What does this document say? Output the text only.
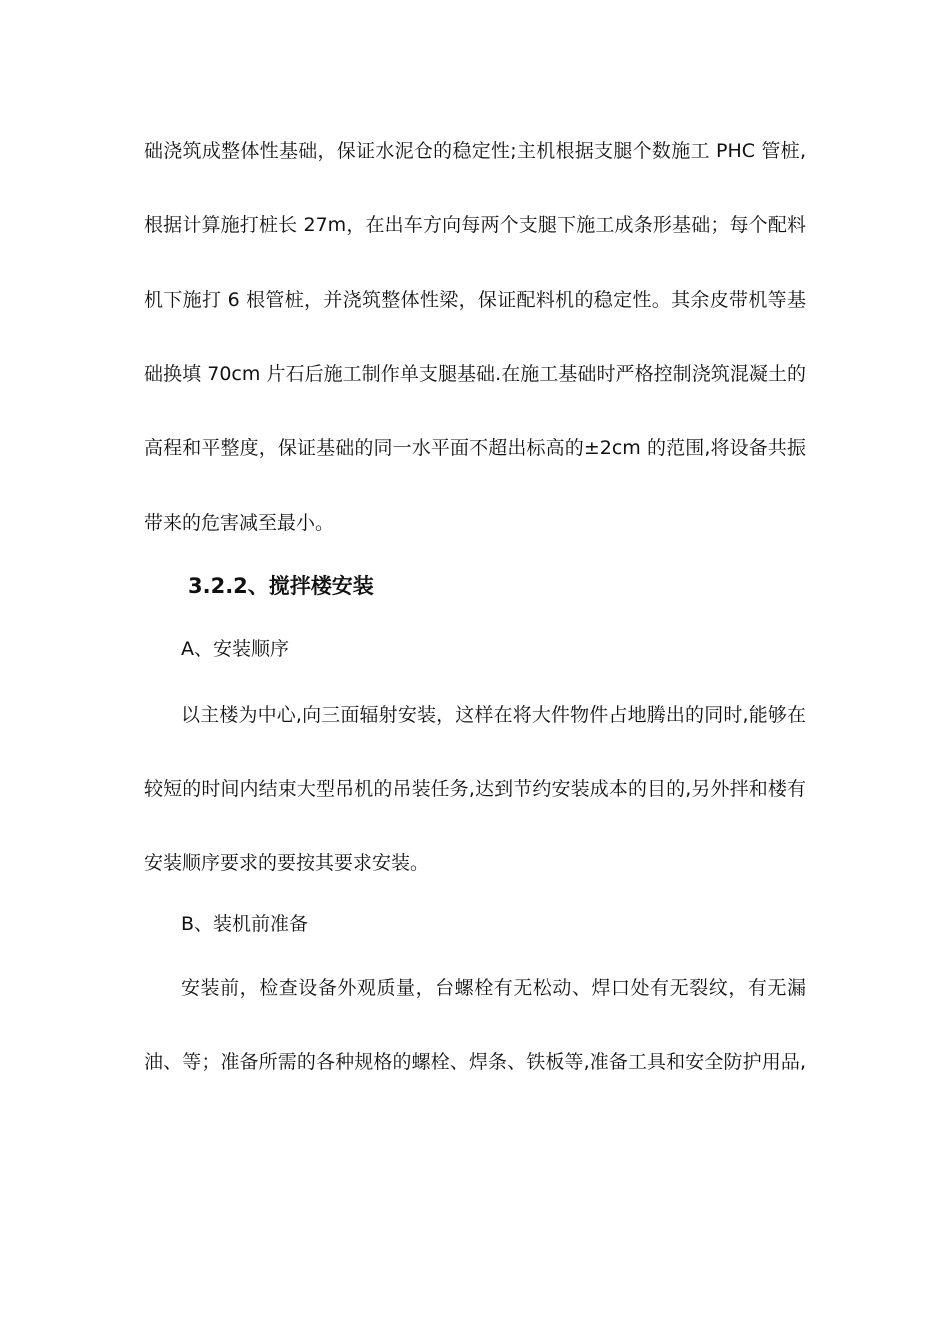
础浇筑成整体性基础，保证水泥仓的稳定性;主机根据支腿个数施工 PHC 管桩,
根据计算施打桩长 27m，在出车方向每两个支腿下施工成条形基础；每个配料
机下施打 6 根管桩，并浇筑整体性梁，保证配料机的稳定性。其余皮带机等基
础换填 70cm 片石后施工制作单支腿基础.在施工基础时严格控制浇筑混凝土的
高程和平整度，保证基础的同一水平面不超出标高的±2cm 的范围,将设备共振
带来的危害减至最小。
3.2.2、搅拌楼安装
A、安装顺序
以主楼为中心,向三面辐射安装，这样在将大件物件占地腾出的同时,能够在
较短的时间内结束大型吊机的吊装任务,达到节约安装成本的目的,另外拌和楼有
安装顺序要求的要按其要求安装。
B、装机前准备
安装前，检查设备外观质量，台螺栓有无松动、焊口处有无裂纹，有无漏
油、等；准备所需的各种规格的螺栓、焊条、铁板等,准备工具和安全防护用品,
